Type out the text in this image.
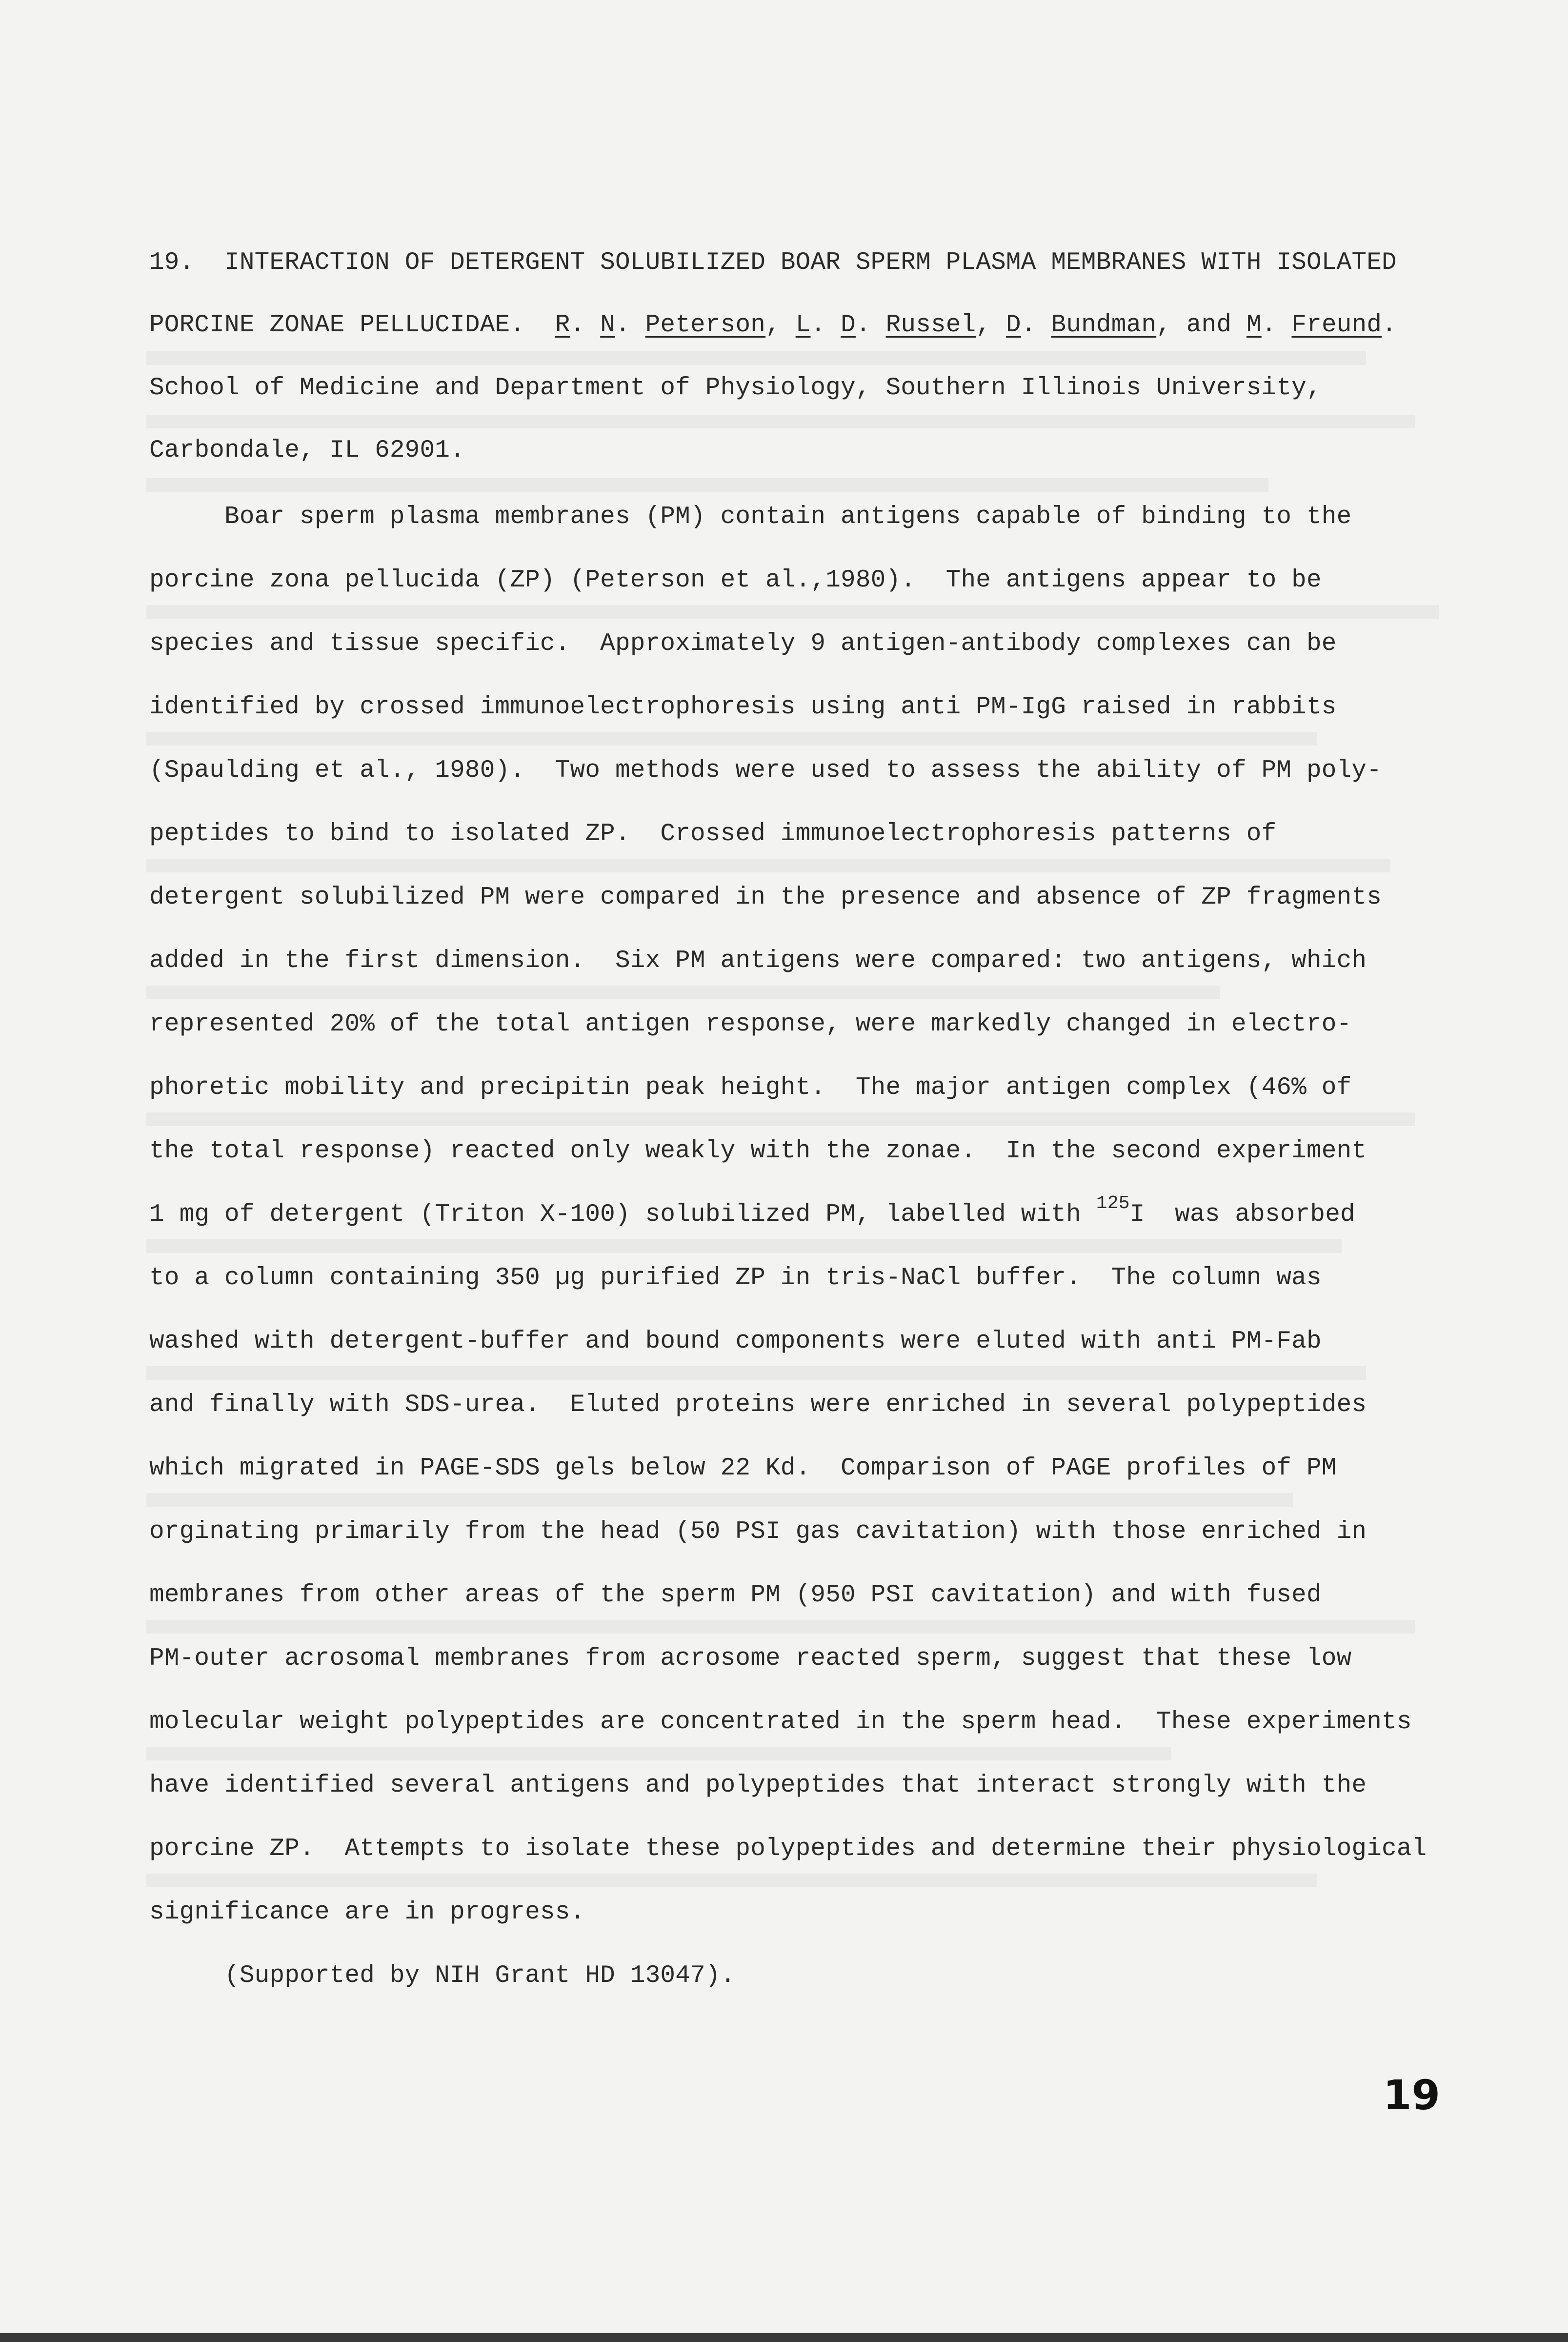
19. INTERACTION OF DETERGENT SOLUBILIZED BOAR SPERM PLASMA MEMBRANES WITH ISOLATED
PORCINE ZONAE PELLUCIDAE. R. N. Peterson, L. D. Russel, D. Bundman, and M. Freund.
School of Medicine and Department of Physiology, Southern Illinois University,
Carbondale, IL 62901.
Boar sperm plasma membranes (PM) contain antigens capable of binding to the
porcine zona pellucida (ZP) (Peterson et al.,1980).  The antigens appear to be
species and tissue specific.  Approximately 9 antigen-antibody complexes can be
identified by crossed immunoelectrophoresis using anti PM-IgG raised in rabbits
(Spaulding et al., 1980).  Two methods were used to assess the ability of PM poly-
peptides to bind to isolated ZP.  Crossed immunoelectrophoresis patterns of
detergent solubilized PM were compared in the presence and absence of ZP fragments
added in the first dimension.  Six PM antigens were compared: two antigens, which
represented 20% of the total antigen response, were markedly changed in electro-
phoretic mobility and precipitin peak height.  The major antigen complex (46% of
the total response) reacted only weakly with the zonae.  In the second experiment
1 mg of detergent (Triton X-100) solubilized PM, labelled with $^{125}$I  was absorbed
to a column containing 350 µg purified ZP in tris-NaCl buffer.  The column was
washed with detergent-buffer and bound components were eluted with anti PM-Fab
and finally with SDS-urea.  Eluted proteins were enriched in several polypeptides
which migrated in PAGE-SDS gels below 22 Kd.  Comparison of PAGE profiles of PM
orginating primarily from the head (50 PSI gas cavitation) with those enriched in
membranes from other areas of the sperm PM (950 PSI cavitation) and with fused
PM-outer acrosomal membranes from acrosome reacted sperm, suggest that these low
molecular weight polypeptides are concentrated in the sperm head.  These experiments
have identified several antigens and polypeptides that interact strongly with the
porcine ZP.  Attempts to isolate these polypeptides and determine their physiological
significance are in progress.
(Supported by NIH Grant HD 13047).
19
